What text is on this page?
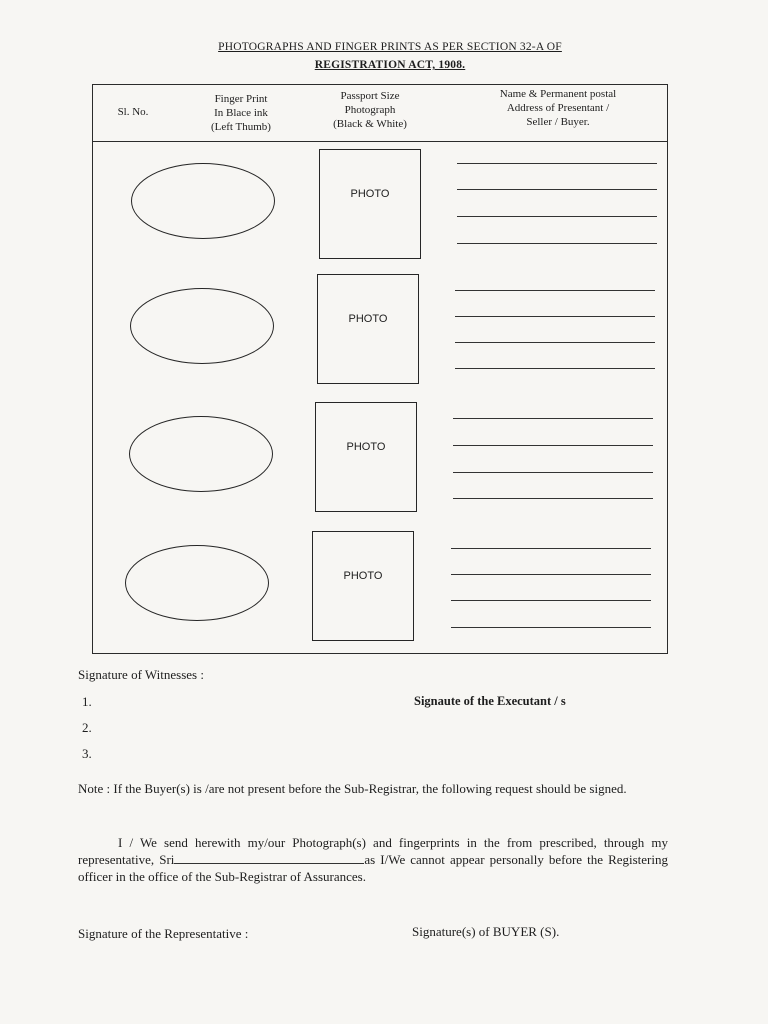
PHOTOGRAPHS AND FINGER PRINTS AS PER SECTION 32-A OF
REGISTRATION ACT, 1908.
Sl. No.
Finger Print
In Blace ink
(Left Thumb)
Passport Size
Photograph
(Black & White)
Name & Permanent postal
Address of Presentant /
Seller / Buyer.
PHOTO
PHOTO
PHOTO
PHOTO
Signature of Witnesses :
1.
2.
3.
Signaute of the Executant / s
Note : If the Buyer(s) is /are not present before the Sub-Registrar, the following request should be signed.
I / We send herewith my/our Photograph(s) and fingerprints in the from prescribed, through my representative, Sri	as I/We cannot appear personally before the Registering officer in the office of the Sub-Registrar of Assurances.
Signature of the Representative :	Signature(s) of BUYER (S).
